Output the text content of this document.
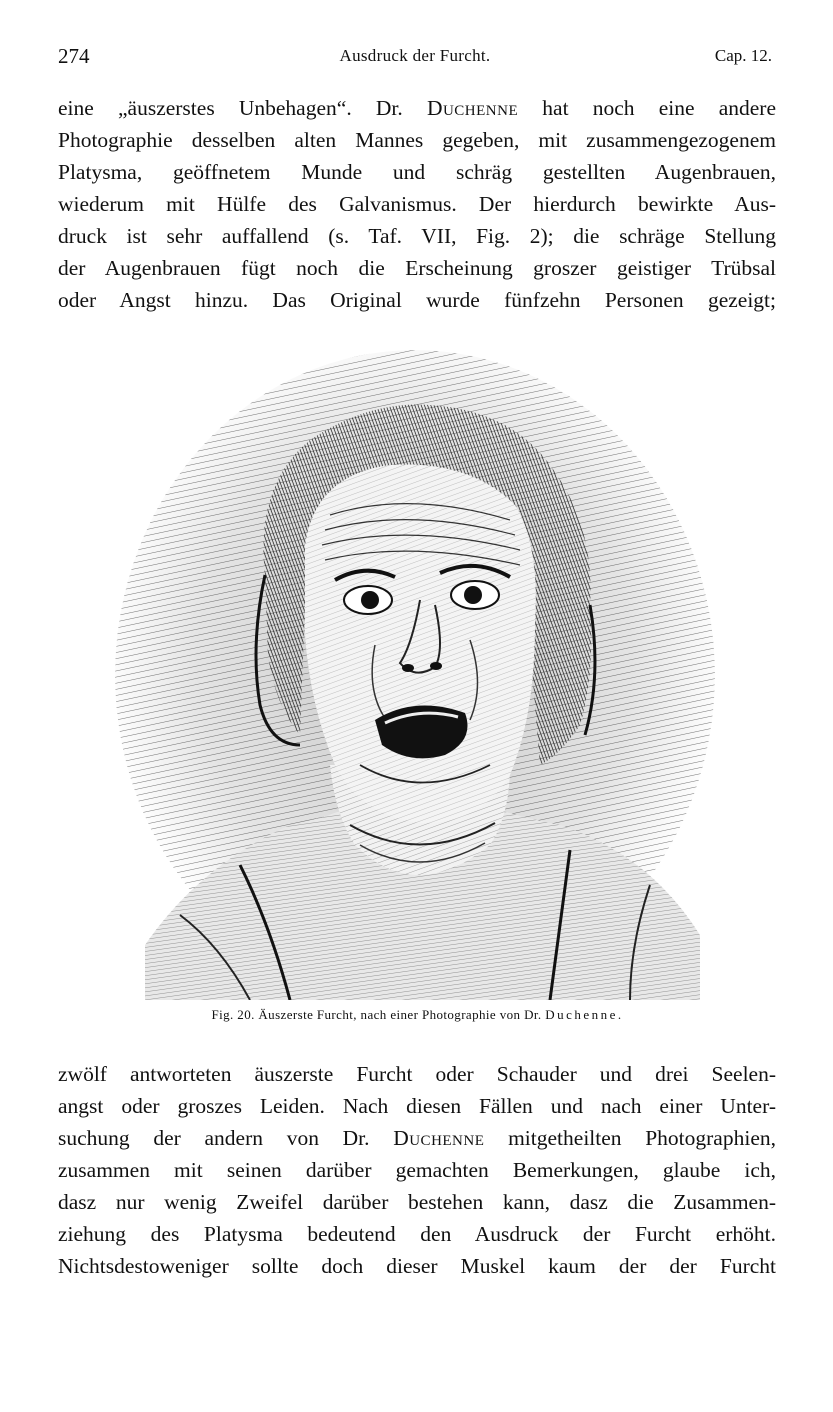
274	Ausdruck der Furcht.	Cap. 12.
eine „äuszerstes Unbehagen“. Dr. Duchenne hat noch eine andere
Photographie desselben alten Mannes gegeben, mit zusammengezogenem
Platysma, geöffnetem Munde und schräg gestellten Augenbrauen,
wiederum mit Hülfe des Galvanismus. Der hierdurch bewirkte Aus-
druck ist sehr auffallend (s. Taf. VII, Fig. 2); die schräge Stellung
der Augenbrauen fügt noch die Erscheinung groszer geistiger Trübsal
oder Angst hinzu. Das Original wurde fünfzehn Personen gezeigt;
Fig. 20. Äuszerste Furcht, nach einer Photographie von Dr. Duchenne.
zwölf antworteten äuszerste Furcht oder Schauder und drei Seelen-
angst oder groszes Leiden. Nach diesen Fällen und nach einer Unter-
suchung der andern von Dr. Duchenne mitgetheilten Photographien,
zusammen mit seinen darüber gemachten Bemerkungen, glaube ich,
dasz nur wenig Zweifel darüber bestehen kann, dasz die Zusammen-
ziehung des Platysma bedeutend den Ausdruck der Furcht erhöht.
Nichtsdestoweniger sollte doch dieser Muskel kaum der der Furcht
